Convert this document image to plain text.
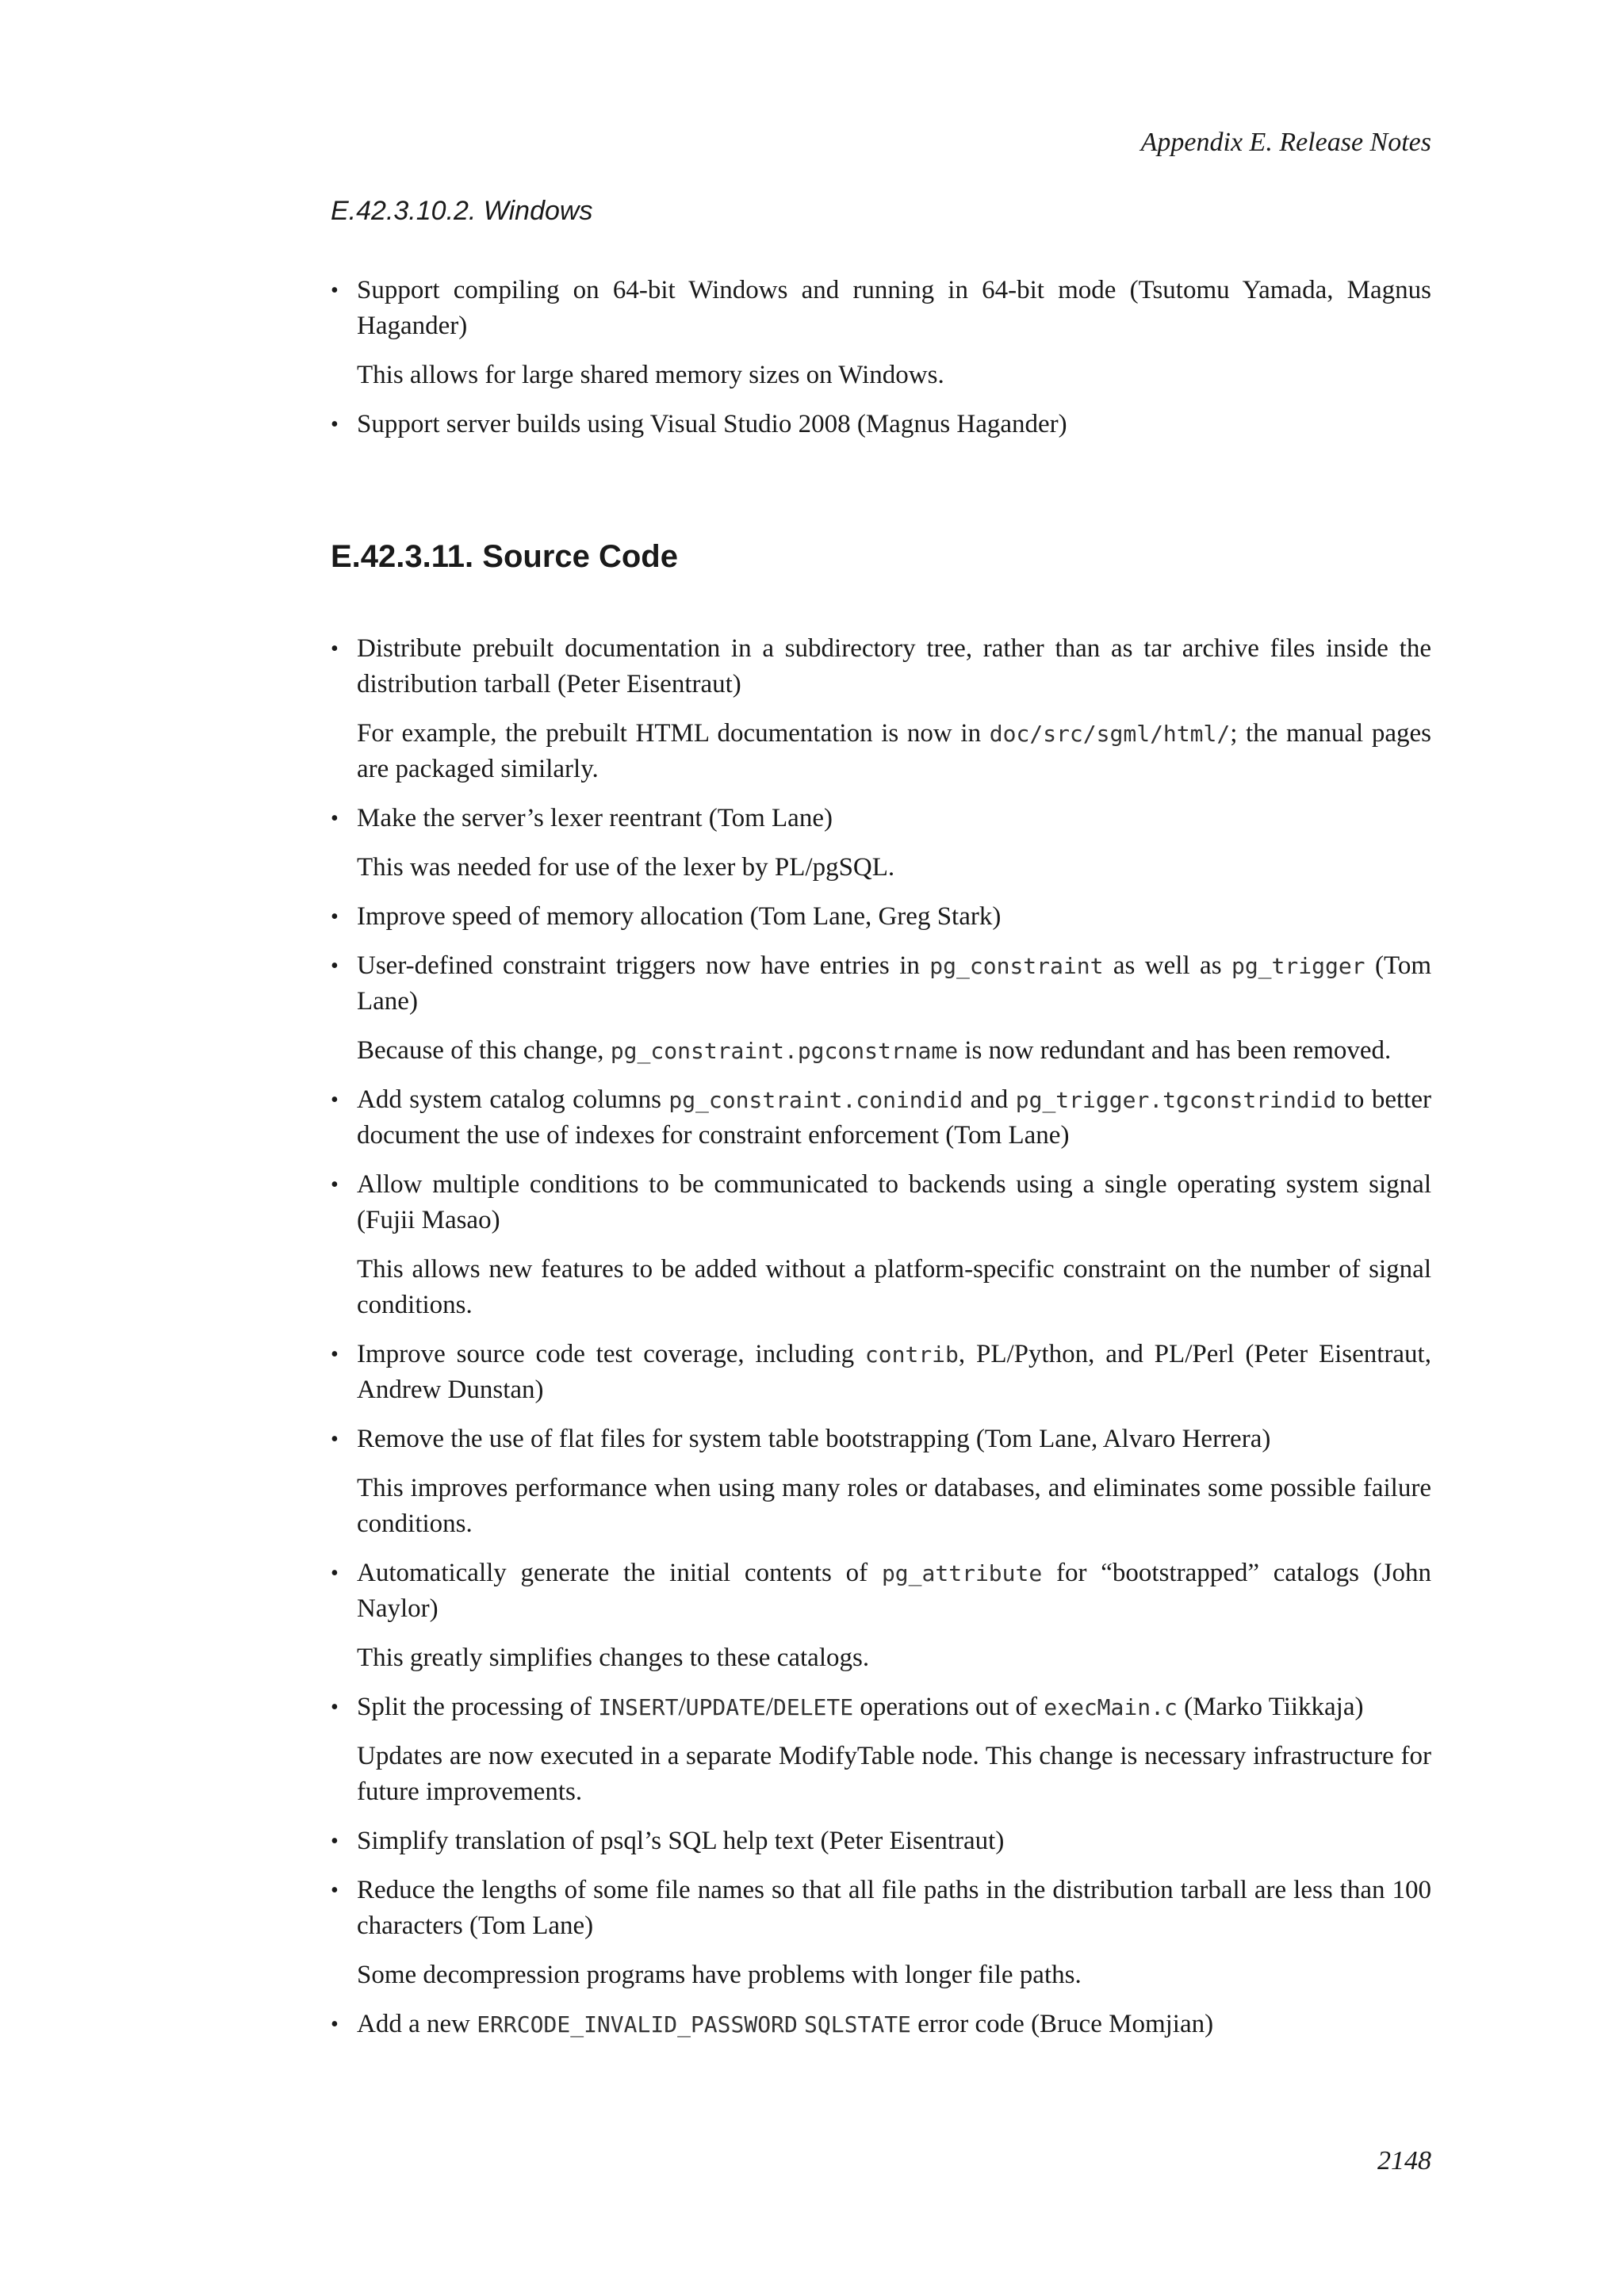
Appendix E. Release Notes
E.42.3.10.2. Windows
• Support compiling on 64-bit Windows and running in 64-bit mode (Tsutomu Yamada, Magnus Hagander)

This allows for large shared memory sizes on Windows.

• Support server builds using Visual Studio 2008 (Magnus Hagander)

E.42.3.11. Source Code
• Distribute prebuilt documentation in a subdirectory tree, rather than as tar archive files inside the distribution tarball (Peter Eisentraut)

For example, the prebuilt HTML documentation is now in doc/src/sgml/html/; the manual pages are packaged similarly.

• Make the server’s lexer reentrant (Tom Lane)

This was needed for use of the lexer by PL/pgSQL.

• Improve speed of memory allocation (Tom Lane, Greg Stark)

• User-defined constraint triggers now have entries in pg_constraint as well as pg_trigger (Tom Lane)

Because of this change, pg_constraint.pgconstrname is now redundant and has been removed.

• Add system catalog columns pg_constraint.conindid and pg_trigger.tgconstrindid to better document the use of indexes for constraint enforcement (Tom Lane)

• Allow multiple conditions to be communicated to backends using a single operating system signal (Fujii Masao)

This allows new features to be added without a platform-specific constraint on the number of signal conditions.

• Improve source code test coverage, including contrib, PL/Python, and PL/Perl (Peter Eisentraut, Andrew Dunstan)

• Remove the use of flat files for system table bootstrapping (Tom Lane, Alvaro Herrera)

This improves performance when using many roles or databases, and eliminates some possible failure conditions.

• Automatically generate the initial contents of pg_attribute for “bootstrapped” catalogs (John Naylor)

This greatly simplifies changes to these catalogs.

• Split the processing of INSERT/UPDATE/DELETE operations out of execMain.c (Marko Tiikkaja)

Updates are now executed in a separate ModifyTable node. This change is necessary infrastructure for future improvements.

• Simplify translation of psql’s SQL help text (Peter Eisentraut)

• Reduce the lengths of some file names so that all file paths in the distribution tarball are less than 100 characters (Tom Lane)

Some decompression programs have problems with longer file paths.

• Add a new ERRCODE_INVALID_PASSWORD SQLSTATE error code (Bruce Momjian)

2148
